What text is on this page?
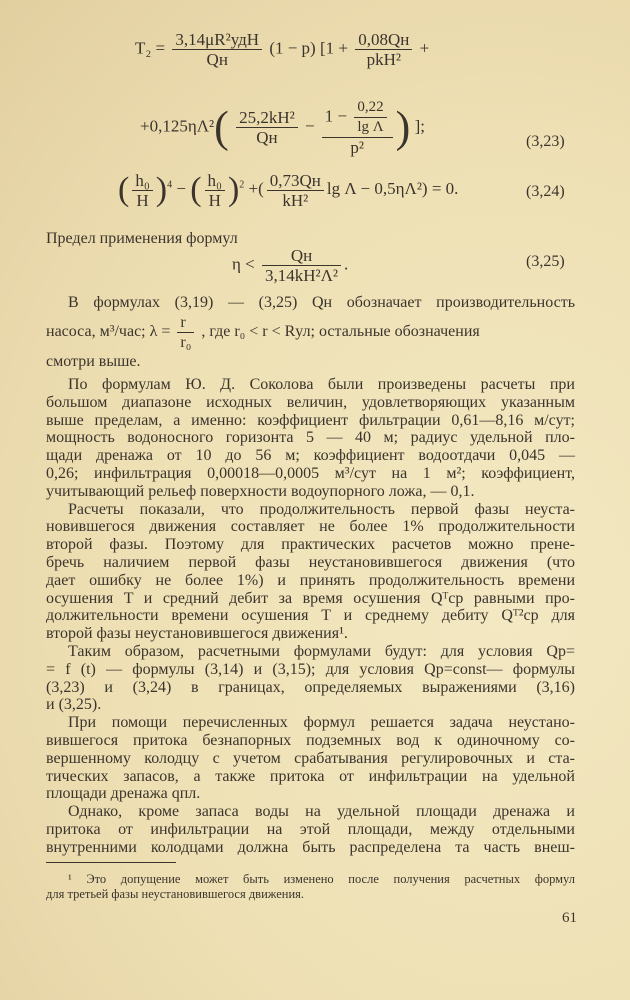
$T_2 = \frac{\text{3,14μR²удH}}{Qн} (1 - p) [1 + \frac{0,08Qн}{\text{pkH²}}$ +
$+0,125\eta\Lambda^2( \frac{\text{25,2kH²}}{Qн} - \frac{1 - \frac{0,22}{\text{lg Λ}}}{\text{p²}}$ ) ];
(3,23)
( $\frac{\text{h₀}}{H} )^4$ − ( $\frac{\text{h₀}}{H} )^2$ +( $\frac{0,73Qн}{\text{kH²}}$ lg Λ − 0,5ηΛ²) = 0.	(3,24)
Предел применения формул
$\eta < \frac{Qн}{\text{3,14kH²Λ²}}$ .	(3,25)
В формулах (3,19) — (3,25) Qн обозначает производительность
насоса, м³/час; $\lambda = \frac{r}{\text{r₀}}$ , где r₀ < r < Rул; остальные обозначения
смотри выше.
По формулам Ю. Д. Соколова были произведены расчеты при
большом диапазоне исходных величин, удовлетворяющих указанным
выше пределам, а именно: коэффициент фильтрации 0,61—8,16 м/сут;
мощность водоносного горизонта 5 — 40 м; радиус удельной пло-
щади дренажа от 10 до 56 м; коэффициент водоотдачи 0,045 —
0,26; инфильтрация 0,00018—0,0005 м³/сут на 1 м²; коэффициент,
учитывающий рельеф поверхности водоупорного ложа, — 0,1.
Расчеты показали, что продолжительность первой фазы неуста-
новившегося движения составляет не более 1% продолжительности
второй фазы. Поэтому для практических расчетов можно прене-
бречь наличием первой фазы неустановившегося движения (что
дает ошибку не более 1%) и принять продолжительность времени
осушения T и средний дебит за время осушения Qᵀср равными про-
должительности времени осушения T и среднему дебиту Qᵀ²ср для
второй фазы неустановившегося движения¹.
Таким образом, расчетными формулами будут: для условия Qр=
= f (t) — формулы (3,14) и (3,15); для условия Qр=const— формулы
(3,23) и (3,24) в границах, определяемых выражениями (3,16)
и (3,25).
При помощи перечисленных формул решается задача неустано-
вившегося притока безнапорных подземных вод к одиночному со-
вершенному колодцу с учетом срабатывания регулировочных и ста-
тических запасов, а также притока от инфильтрации на удельной
площади дренажа qпл.
Однако, кроме запаса воды на удельной площади дренажа и
притока от инфильтрации на этой площади, между отдельными
внутренними колодцами должна быть распределена та часть внеш-
¹ Это допущение может быть изменено после получения расчетных формул
для третьей фазы неустановившегося движения.
61
